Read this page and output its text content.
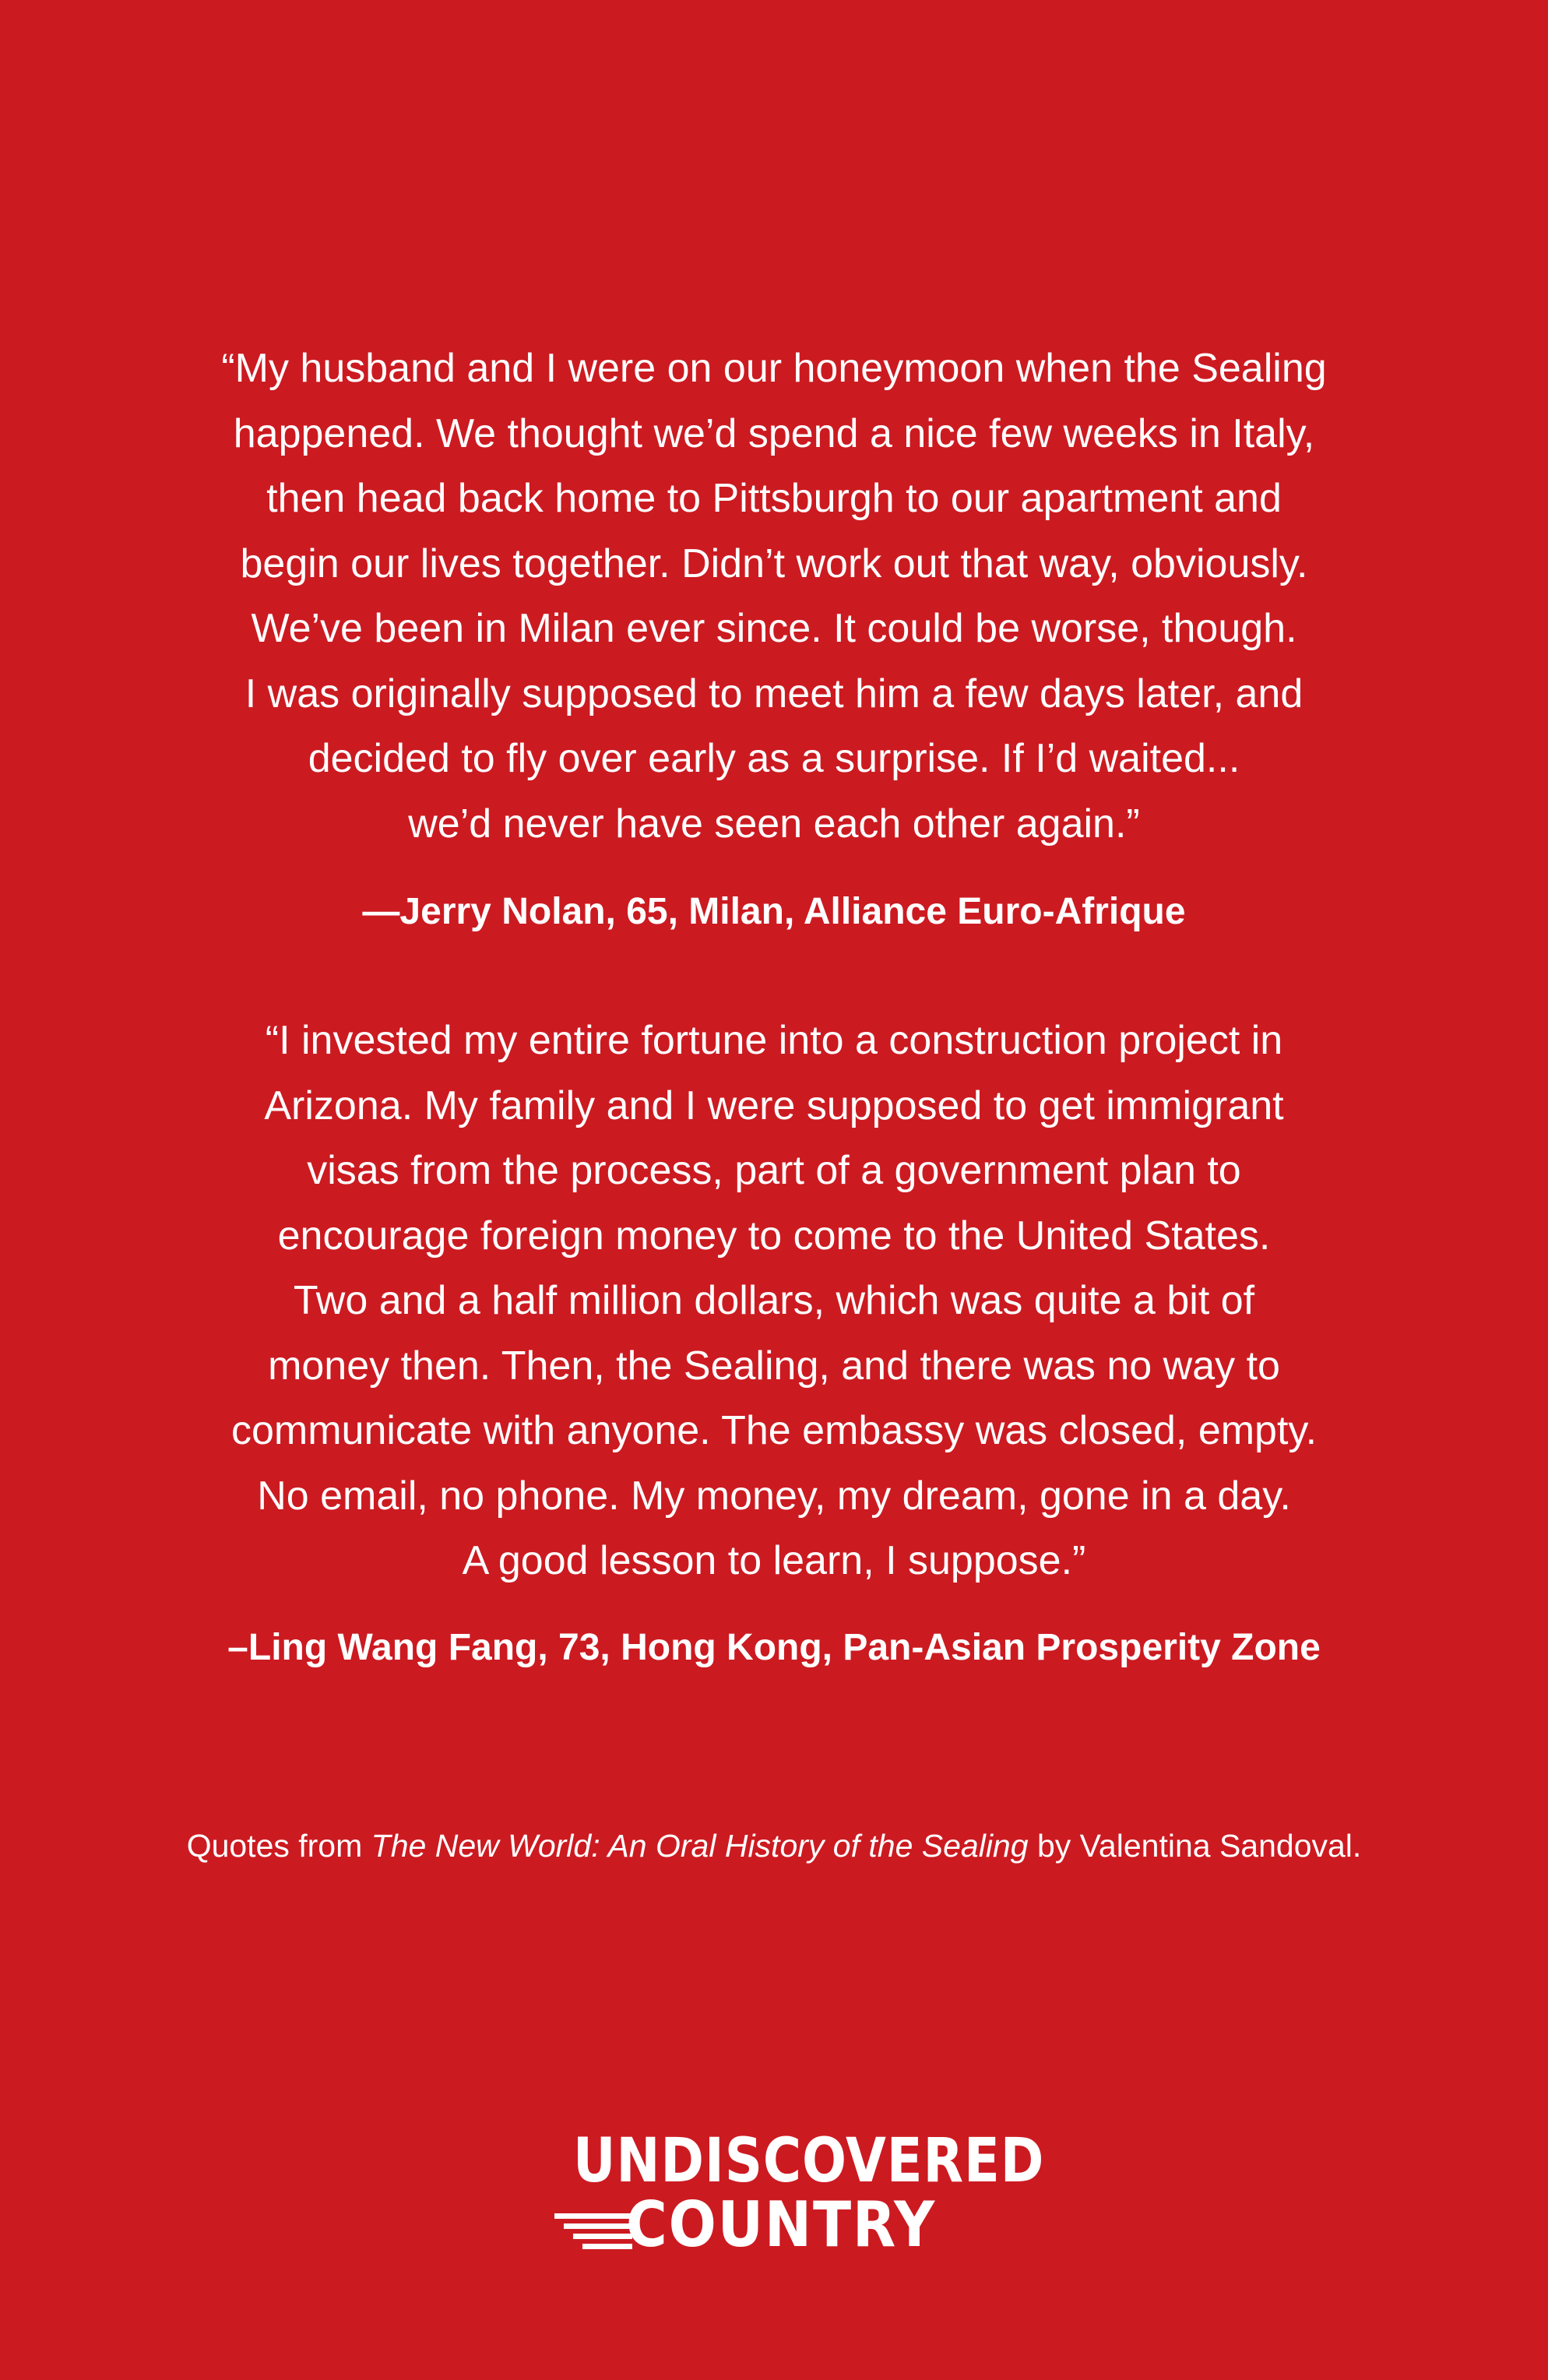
“My husband and I were on our honeymoon when the Sealing
happened. We thought we’d spend a nice few weeks in Italy,
then head back home to Pittsburgh to our apartment and
begin our lives together. Didn’t work out that way, obviously.
We’ve been in Milan ever since. It could be worse, though.
I was originally supposed to meet him a few days later, and
decided to fly over early as a surprise. If I’d waited...
we’d never have seen each other again.”
—Jerry Nolan, 65, Milan, Alliance Euro-Afrique
“I invested my entire fortune into a construction project in
Arizona. My family and I were supposed to get immigrant
visas from the process, part of a government plan to
encourage foreign money to come to the United States.
Two and a half million dollars, which was quite a bit of
money then. Then, the Sealing, and there was no way to
communicate with anyone. The embassy was closed, empty.
No email, no phone. My money, my dream, gone in a day.
A good lesson to learn, I suppose.”
–Ling Wang Fang, 73, Hong Kong, Pan-Asian Prosperity Zone
Quotes from The New World: An Oral History of the Sealing by Valentina Sandoval.
UNDISCOVERED
COUNTRY
